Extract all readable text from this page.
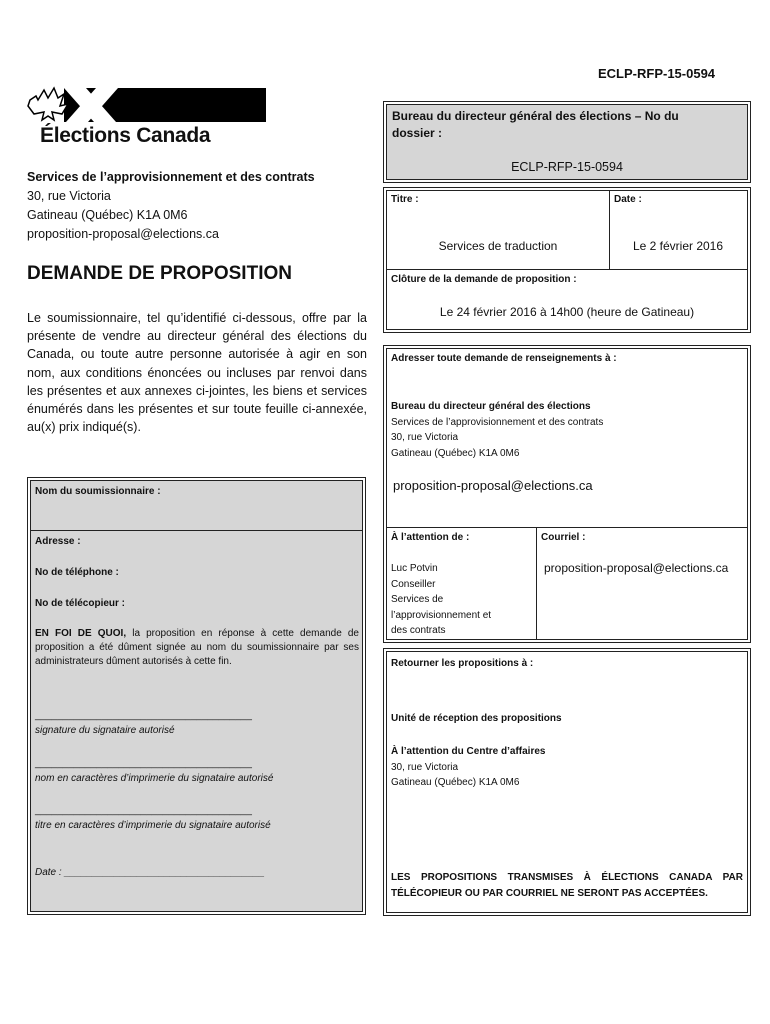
ECLP-RFP-15-0594
Élections Canada
Services de l’approvisionnement et des contrats
30, rue Victoria
Gatineau (Québec) K1A 0M6
proposition-proposal@elections.ca
DEMANDE DE PROPOSITION
Le soumissionnaire, tel qu’identifié ci-dessous, offre par la présente de vendre au directeur général des élections du Canada, ou toute autre personne autorisée à agir en son nom, aux conditions énoncées ou incluses par renvoi dans les présentes et aux annexes ci-jointes, les biens et services énumérés dans les présentes et sur toute feuille ci-annexée, au(x) prix indiqué(s).
Nom du soumissionnaire :
Adresse :
No de téléphone :
No de télécopieur :
EN FOI DE QUOI, la proposition en réponse à cette demande de proposition a été dûment signée au nom du soumissionnaire par ses administrateurs dûment autorisés à cette fin.
_______________________________________
signature du signataire autorisé
_______________________________________
nom en caractères d’imprimerie du signataire autorisé
_______________________________________
titre en caractères d’imprimerie du signataire autorisé
Date : ____________________________________
Bureau du directeur général des élections – No du dossier :
ECLP-RFP-15-0594
Titre :	Date :
Services de traduction	Le 2 février 2016
Clôture de la demande de proposition :
Le 24 février 2016 à 14h00 (heure de Gatineau)
Adresser toute demande de renseignements à :
Bureau du directeur général des élections
Services de l’approvisionnement et des contrats
30, rue Victoria
Gatineau (Québec) K1A 0M6
proposition-proposal@elections.ca
À l’attention de :	Courriel :
Luc Potvin
Conseiller
Services de
l’approvisionnement et
des contrats
proposition-proposal@elections.ca
Retourner les propositions à :
Unité de réception des propositions
À l’attention du Centre d’affaires
30, rue Victoria
Gatineau (Québec) K1A 0M6
LES PROPOSITIONS TRANSMISES À ÉLECTIONS CANADA PAR TÉLÉCOPIEUR OU PAR COURRIEL NE SERONT PAS ACCEPTÉES.
